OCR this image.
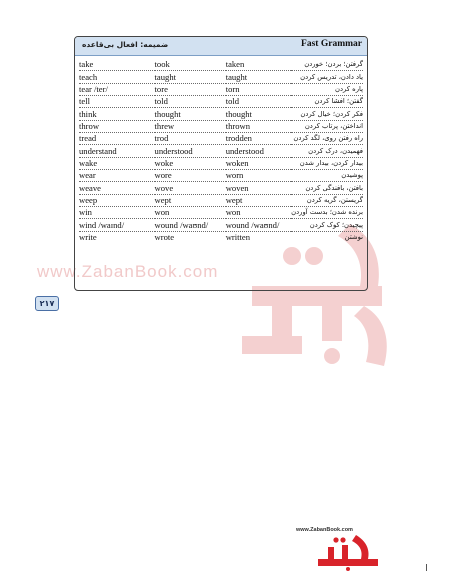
www.ZabanBook.com
ضمیمه: افعال بی‌قاعده	Fast Grammar
take	took	taken	گرفتن؛ بردن؛ خوردن
teach	taught	taught	یاد دادن، تدریس کردن
tear /ter/	tore	torn	پاره کردن
tell	told	told	گفتن؛ افشا کردن
think	thought	thought	فکر کردن؛ خیال کردن
throw	threw	thrown	انداختن، پرتاب کردن
tread	trod	trodden	راه رفتن روی، لگد کردن
understand	understood	understood	فهمیدن، درک کردن
wake	woke	woken	بیدار کردن، بیدار شدن
wear	wore	worn	پوشیدن
weave	wove	woven	بافتن، بافندگی کردن
weep	wept	wept	گریستن، گریه کردن
win	won	won	برنده شدن؛ بدست آوردن
wind /waɪnd/	wound /waʊnd/	wound /waʊnd/	پیچیدن؛ کوک کردن
write	wrote	written	نوشتن
۲۱۷
www.ZabanBook.com
